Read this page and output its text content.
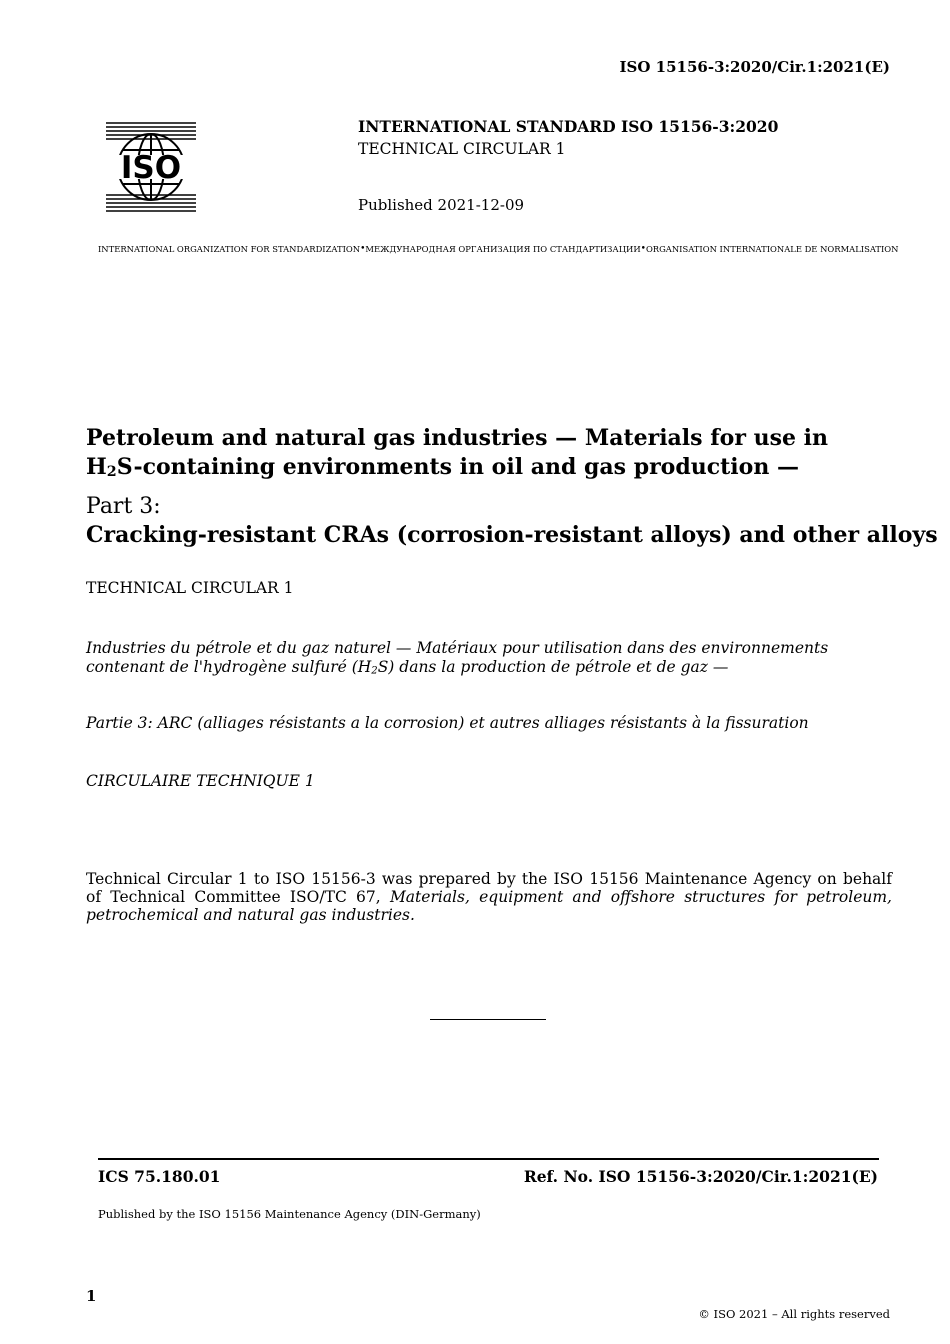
ISO 15156-3:2020/Cir.1:2021(E)
ISO
INTERNATIONAL STANDARD ISO 15156-3:2020
TECHNICAL CIRCULAR 1
Published 2021-12-09
INTERNATIONAL ORGANIZATION FOR STANDARDIZATION • МЕЖДУНАРОДНАЯ ОРГАНИЗАЦИЯ ПО СТАНДАРТИЗАЦИИ • ORGANISATION INTERNATIONALE DE NORMALISATION
Petroleum and natural gas industries — Materials for use in $H_2S$-containing environments in oil and gas production —
Part 3:
Cracking-resistant CRAs (corrosion-resistant alloys) and other alloys
TECHNICAL CIRCULAR 1
Industries du pétrole et du gaz naturel — Matériaux pour utilisation dans des environnements contenant de l'hydrogène sulfuré $(H_2S)$ dans la production de pétrole et de gaz —
Partie 3: ARC (alliages résistants a la corrosion) et autres alliages résistants à la fissuration
CIRCULAIRE TECHNIQUE 1
Technical Circular 1 to ISO 15156-3 was prepared by the ISO 15156 Maintenance Agency on behalf of Technical Committee ISO/TC 67, Materials, equipment and offshore structures for petroleum, petrochemical and natural gas industries.
ICS 75.180.01	Ref. No. ISO 15156-3:2020/Cir.1:2021(E)
Published by the ISO 15156 Maintenance Agency (DIN-Germany)
1
© ISO 2021 – All rights reserved
